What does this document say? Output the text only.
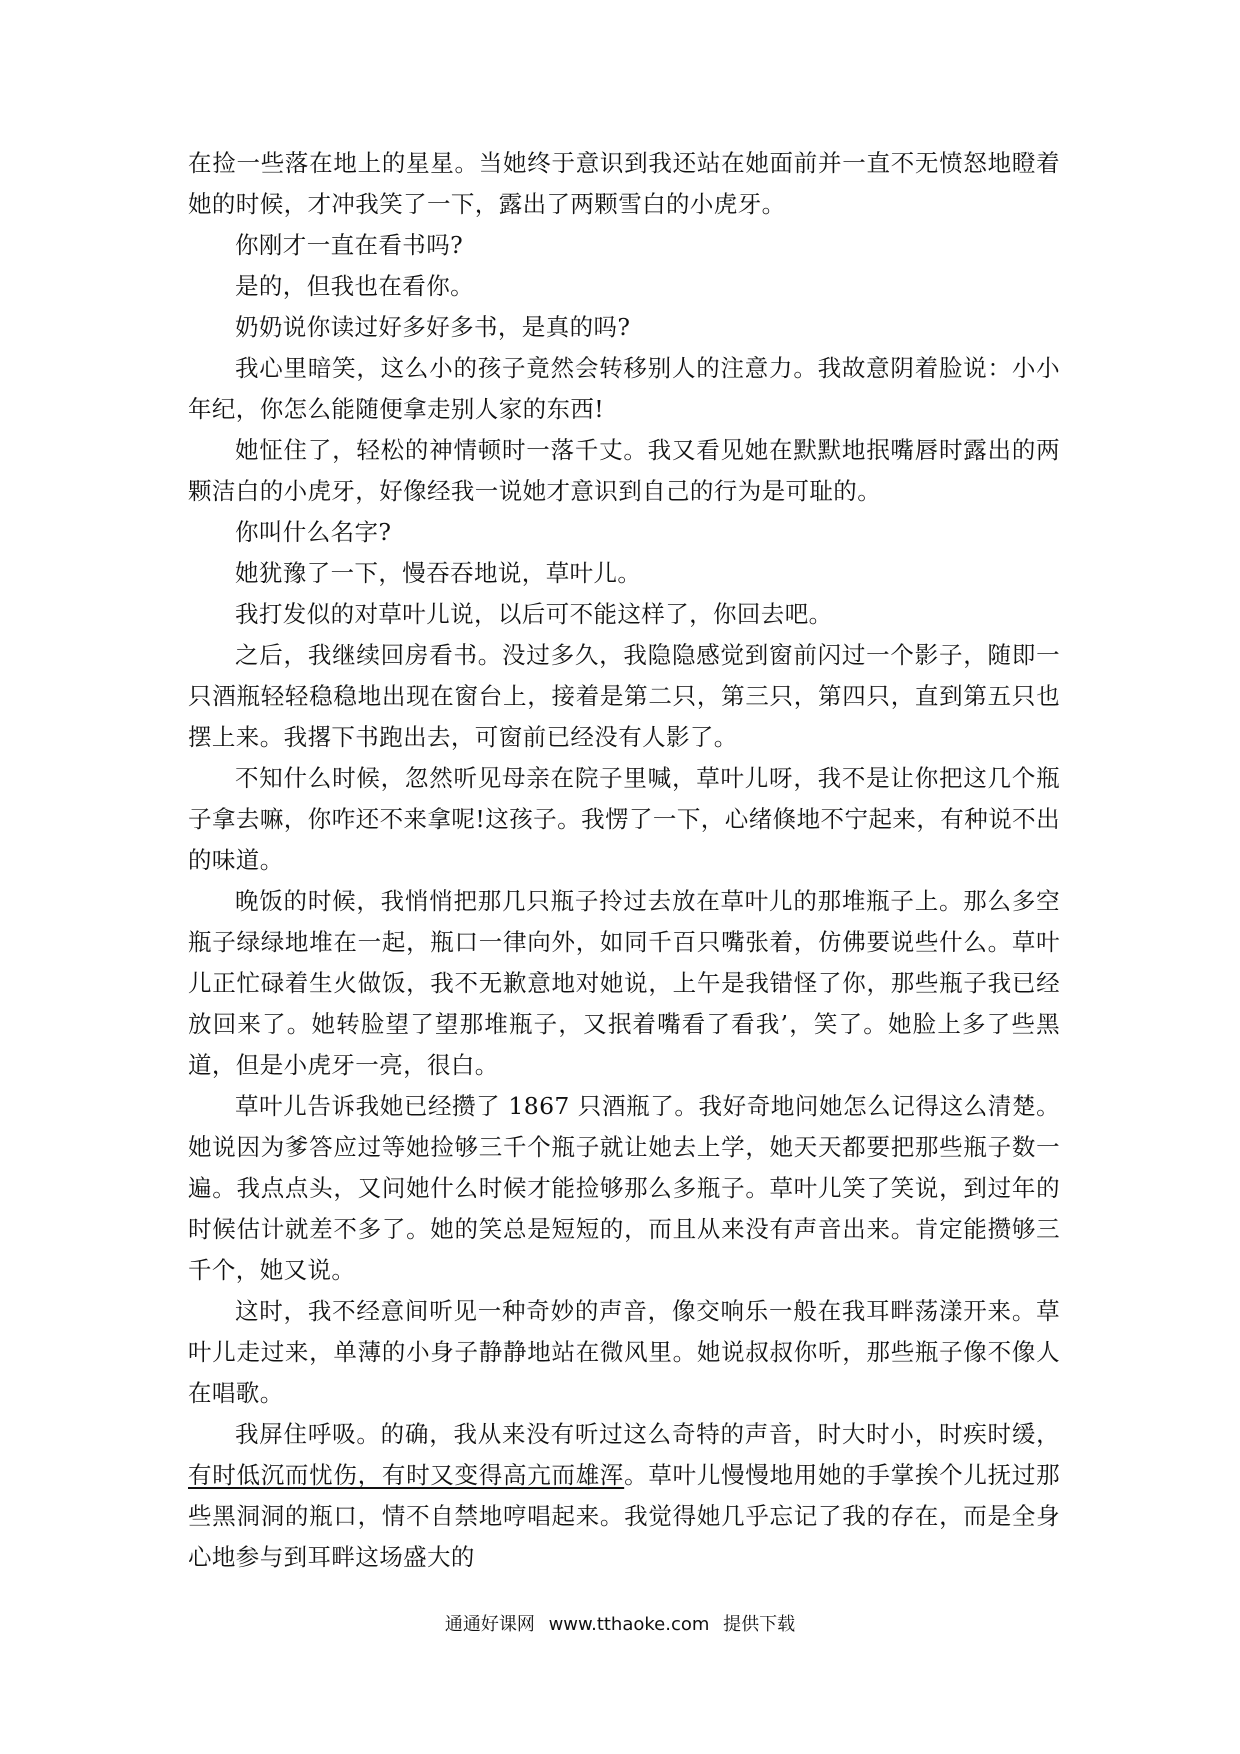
在捡一些落在地上的星星。当她终于意识到我还站在她面前并一直不无愤怒地瞪着她的时候，才冲我笑了一下，露出了两颗雪白的小虎牙。

你刚才一直在看书吗?

是的，但我也在看你。

奶奶说你读过好多好多书，是真的吗?

我心里暗笑，这么小的孩子竟然会转移别人的注意力。我故意阴着脸说：小小年纪，你怎么能随便拿走别人家的东西!

她怔住了，轻松的神情顿时一落千丈。我又看见她在默默地抿嘴唇时露出的两颗洁白的小虎牙，好像经我一说她才意识到自己的行为是可耻的。

你叫什么名字?

她犹豫了一下，慢吞吞地说，草叶儿。

我打发似的对草叶儿说，以后可不能这样了，你回去吧。

之后，我继续回房看书。没过多久，我隐隐感觉到窗前闪过一个影子，随即一只酒瓶轻轻稳稳地出现在窗台上，接着是第二只，第三只，第四只，直到第五只也摆上来。我撂下书跑出去，可窗前已经没有人影了。

不知什么时候，忽然听见母亲在院子里喊，草叶儿呀，我不是让你把这几个瓶子拿去嘛，你咋还不来拿呢!这孩子。我愣了一下，心绪倏地不宁起来，有种说不出的味道。

晚饭的时候，我悄悄把那几只瓶子拎过去放在草叶儿的那堆瓶子上。那么多空瓶子绿绿地堆在一起，瓶口一律向外，如同千百只嘴张着，仿佛要说些什么。草叶儿正忙碌着生火做饭，我不无歉意地对她说，上午是我错怪了你，那些瓶子我已经放回来了。她转脸望了望那堆瓶子，又抿着嘴看了看我’，笑了。她脸上多了些黑道，但是小虎牙一亮，很白。

草叶儿告诉我她已经攒了 1867 只酒瓶了。我好奇地问她怎么记得这么清楚。她说因为爹答应过等她捡够三千个瓶子就让她去上学，她天天都要把那些瓶子数一遍。我点点头，又问她什么时候才能捡够那么多瓶子。草叶儿笑了笑说，到过年的时候估计就差不多了。她的笑总是短短的，而且从来没有声音出来。肯定能攒够三千个，她又说。

这时，我不经意间听见一种奇妙的声音，像交响乐一般在我耳畔荡漾开来。草叶儿走过来，单薄的小身子静静地站在微风里。她说叔叔你听，那些瓶子像不像人在唱歌。

我屏住呼吸。的确，我从来没有听过这么奇特的声音，时大时小，时疾时缓，有时低沉而忧伤，有时又变得高亢而雄浑。草叶儿慢慢地用她的手掌挨个儿抚过那些黑洞洞的瓶口，情不自禁地哼唱起来。我觉得她几乎忘记了我的存在，而是全身心地参与到耳畔这场盛大的

通通好课网 www.tthaoke.com 提供下载
